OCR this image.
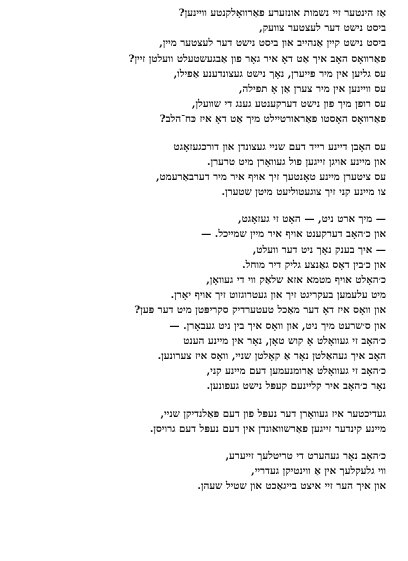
אַז הינטער זיי נשמות אונזערע פאַרוואָלקנטע וויינען?
ביסט נישט דער לעצטער צוועק,
ביסט נישט קיין אַנהייב און ביסט נישט דער לעצטער מיין,
פאַרוואָס האָב איך אַט דאָ איר גאָר פון אַבגעשטעלט וועלטן זיין?
עס גליען אין מיר פייערן, נאָך נישט געצונדענע אַפילו,
עס וויינען אין מיר צערן אַן אָ תפילה,
עס רופן מיך פון נישט דערקענטע גענג די שוועלן,
פאַרוואָס האָסטו פאַראורטיילט מיך אַט דאָ איז כּח־הלב?
עס האָבן דיינע רייד דעם שניי געצונדן און דורכגעזאָגט
און מיינע אויגן זייגען פול געוואָרן מיט טרערן.
עס ציטערן מיינע טאָנטעך זיך אויף איר מיר דערבאַרעמט,
צו מיינע קני זיך צוגעטוליעט מיטן שטערן.
— מיך ארט ניט, — האָט זי געזאָגט,
און כ׳האָב דערקענט אויף איר מיין שמייכל. —
— איך בענק נאָך ניט דער וועלט,
און כ׳בין דאָס גאַנצע גליק דיר מוחל.
כ׳האָלט אויף מטמא אזא שלאַק ווי די געוואָן,
מיט עלעמען בעקריגט זיך און געטרוגזוט זיך אויף יאָרן.
און וואָס איז דאָ דער מאַכל טעטערדיק סקריפּטן מיט דער פּען?
און ס׳שרעט מיך ניט, און וואָס איך בין ניט געבאָרן. —
כ׳האָב זי געוואָלט אָ קוש טאָן, נאָר אין מיינע הענט
האָב איך געהאַלטן נאָר אַ קאָלטן שניי, וואָס איז צערונען.
כ׳האָב זי געוואָלט אַרומנעמען דעם מיינע קני,
נאָר כ׳האָב איר קליינעם קעפּל נישט געפונען.
געדיכטער איז געוואָרן דער נעפּל פון דעם פּאַלנדיקן שניי,
מיינע קינדער זייגען פאַרשוואונדן אין דעם נעפּל דעם גרויסן.
כ׳האָב נאָר געהערט די טריטלעך זייערע,
ווי גלעקלעך אין אַ ווינטיקן געדריי,
און איך הער זיי איצט בייגאַכט און שטיל שעהן.
